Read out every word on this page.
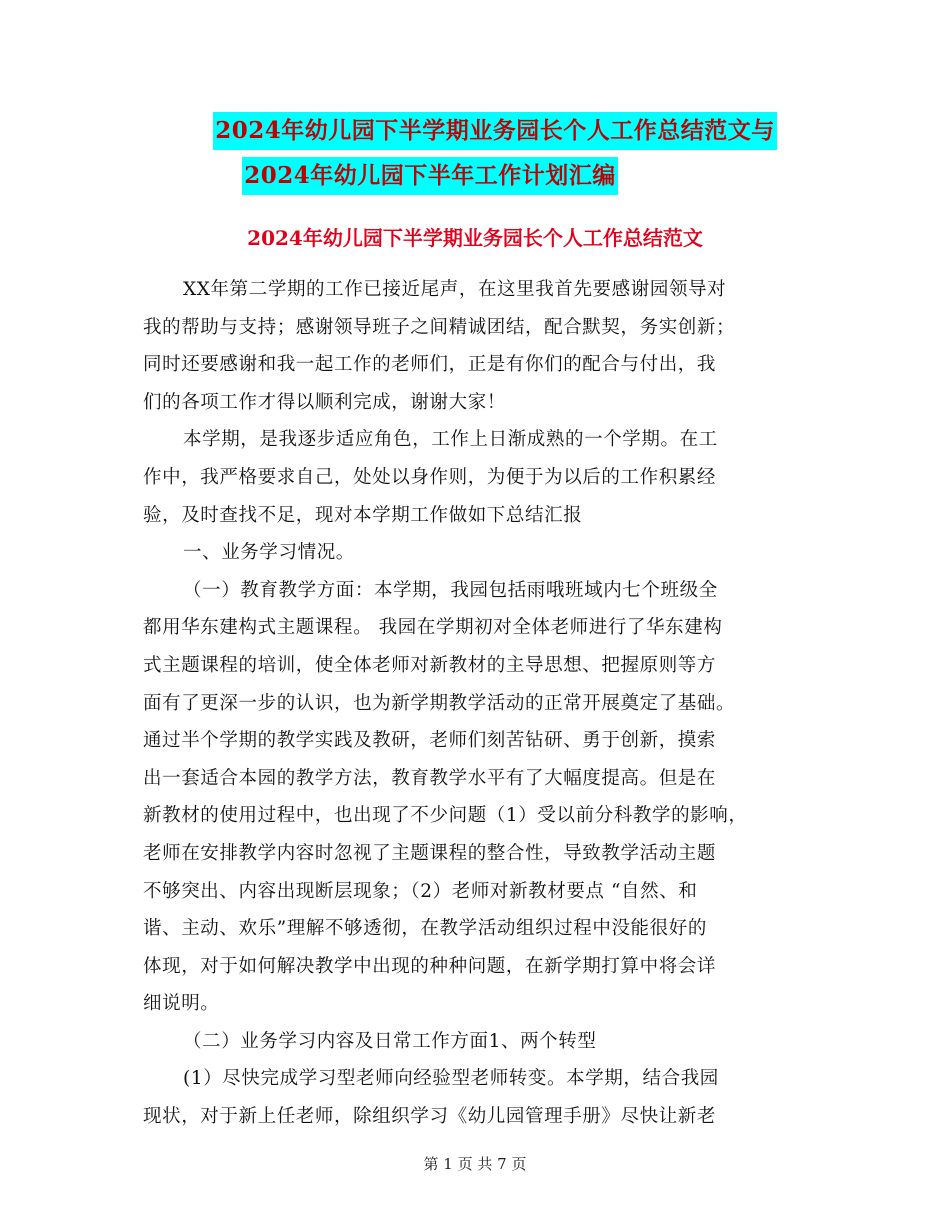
2024年幼儿园下半学期业务园长个人工作总结范文与
2024年幼儿园下半年工作计划汇编
2024年幼儿园下半学期业务园长个人工作总结范文

XX年第二学期的工作已接近尾声，在这里我首先要感谢园领导对
我的帮助与支持；感谢领导班子之间精诚团结，配合默契，务实创新；
同时还要感谢和我一起工作的老师们，正是有你们的配合与付出，我
们的各项工作才得以顺利完成，谢谢大家！

本学期，是我逐步适应角色，工作上日渐成熟的一个学期。在工
作中，我严格要求自己，处处以身作则，为便于为以后的工作积累经
验，及时查找不足，现对本学期工作做如下总结汇报

一、业务学习情况。

（一）教育教学方面：本学期，我园包括雨哦班域内七个班级全
都用华东建构式主题课程。 我园在学期初对全体老师进行了华东建构
式主题课程的培训，使全体老师对新教材的主导思想、把握原则等方
面有了更深一步的认识，也为新学期教学活动的正常开展奠定了基础。
通过半个学期的教学实践及教研，老师们刻苦钻研、勇于创新，摸索
出一套适合本园的教学方法，教育教学水平有了大幅度提高。但是在
新教材的使用过程中，也出现了不少问题（1）受以前分科教学的影响，
老师在安排教学内容时忽视了主题课程的整合性，导致教学活动主题
不够突出、内容出现断层现象；（2）老师对新教材要点 “自然、和
谐、主动、欢乐”理解不够透彻，在教学活动组织过程中没能很好的
体现，对于如何解决教学中出现的种种问题，在新学期打算中将会详
细说明。

（二）业务学习内容及日常工作方面1、两个转型

(1）尽快完成学习型老师向经验型老师转变。本学期，结合我园
现状，对于新上任老师，除组织学习《幼儿园管理手册》尽快让新老

第 1 页 共 7 页
